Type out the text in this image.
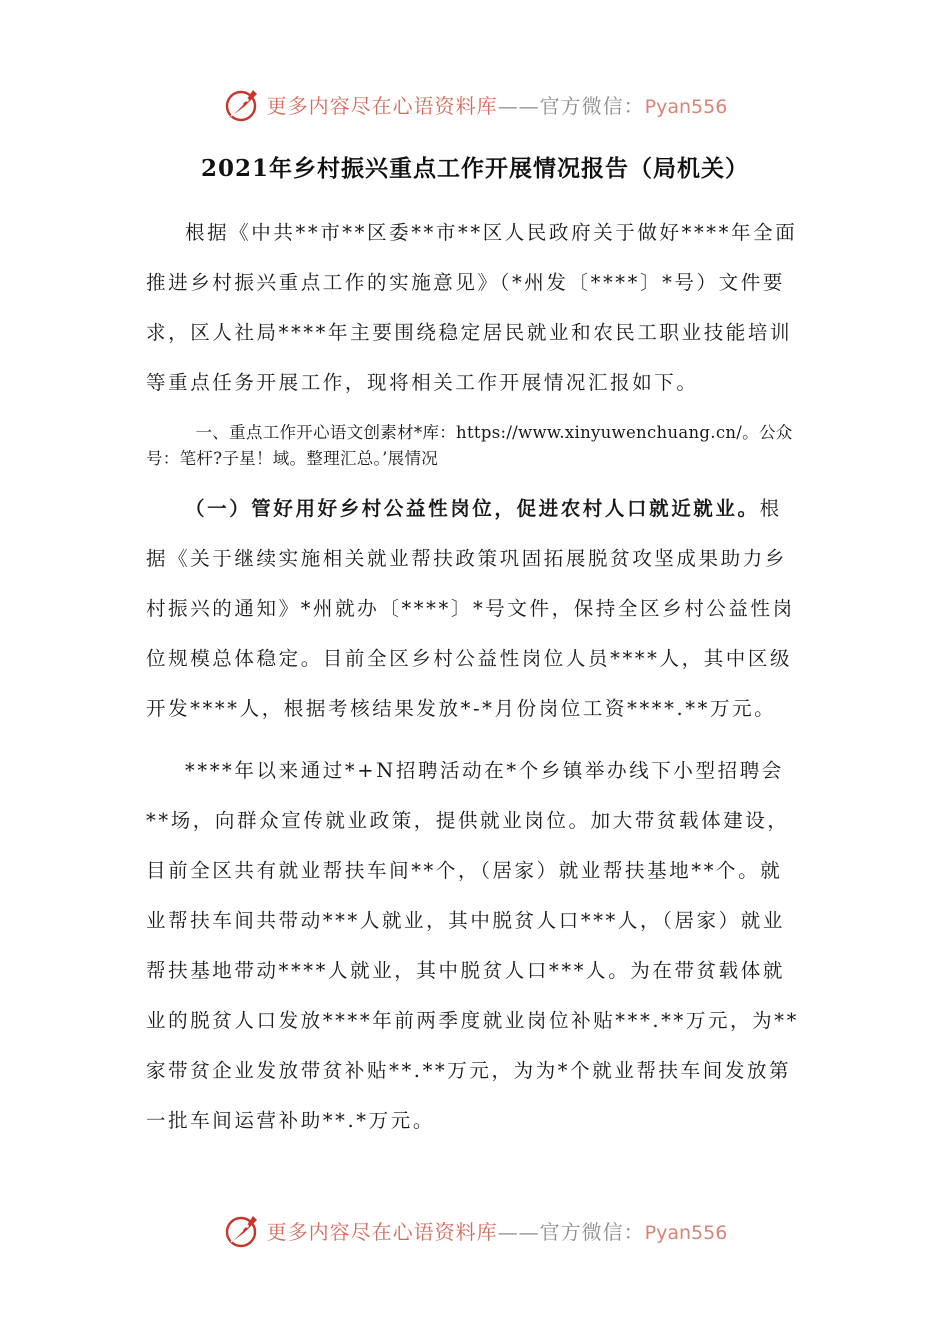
更多内容尽在心语资料库——官方微信：Pyan556
2021年乡村振兴重点工作开展情况报告（局机关）

根据《中共**市**区委**市**区人民政府关于做好****年全面推进乡村振兴重点工作的实施意见》（*州发〔****〕*号）文件要求，区人社局****年主要围绕稳定居民就业和农民工职业技能培训等重点任务开展工作，现将相关工作开展情况汇报如下。

一、重点工作开心语文创素材*库：https://www.xinyuwenchuang.cn/。公众号：笔杆?子星！域。整理汇总。’展情况

（一）管好用好乡村公益性岗位，促进农村人口就近就业。根据《关于继续实施相关就业帮扶政策巩固拓展脱贫攻坚成果助力乡村振兴的通知》*州就办〔****〕*号文件，保持全区乡村公益性岗位规模总体稳定。目前全区乡村公益性岗位人员****人，其中区级开发****人，根据考核结果发放*-*月份岗位工资****.**万元。

****年以来通过*+N招聘活动在*个乡镇举办线下小型招聘会**场，向群众宣传就业政策，提供就业岗位。加大带贫载体建设，目前全区共有就业帮扶车间**个，（居家）就业帮扶基地**个。就业帮扶车间共带动***人就业，其中脱贫人口***人，（居家）就业帮扶基地带动****人就业，其中脱贫人口***人。为在带贫载体就业的脱贫人口发放****年前两季度就业岗位补贴***.**万元，为**家带贫企业发放带贫补贴**.**万元，为为*个就业帮扶车间发放第一批车间运营补助**.*万元。

更多内容尽在心语资料库——官方微信：Pyan556
